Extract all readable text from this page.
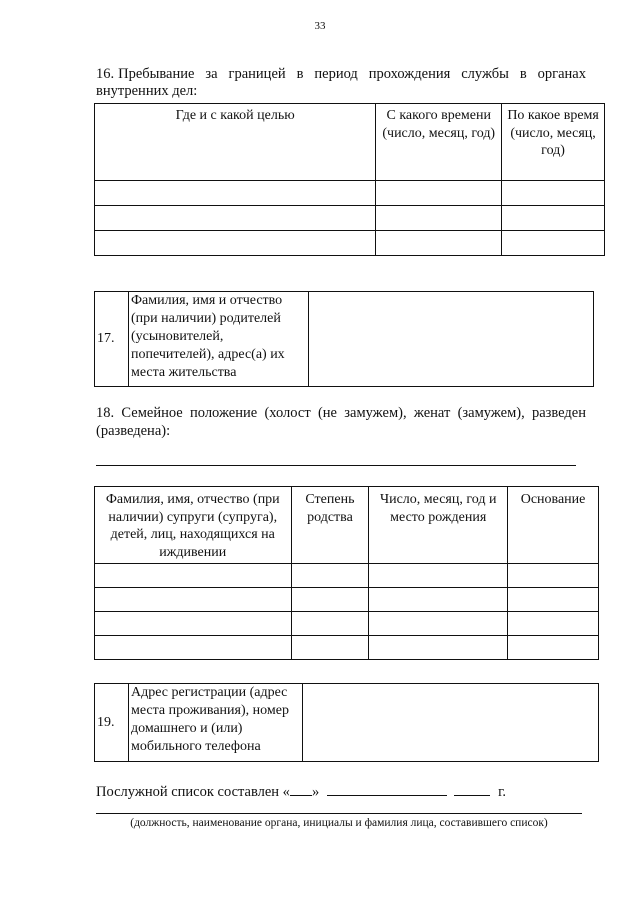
33
16. Пребывание за границей в период прохождения службы в органах внутренних дел:
Где и с какой целью	С какого времени (число, месяц, год)	По какое время (число, месяц, год)

17.	Фамилия, имя и отчество (при наличии) родителей (усыновителей, попечителей), адрес(а) их места жительства	
18. Семейное положение (холост (не замужем), женат (замужем), разведен (разведена):
Фамилия, имя, отчество (при наличии) супруги (супруга), детей, лиц, находящихся на иждивении	Степень родства	Число, месяц, год и место рождения	Основание

19.	Адрес регистрации (адрес места проживания), номер домашнего и (или) мобильного телефона	
Послужной список составлен « »	г.
(должность, наименование органа, инициалы и фамилия лица, составившего список)
